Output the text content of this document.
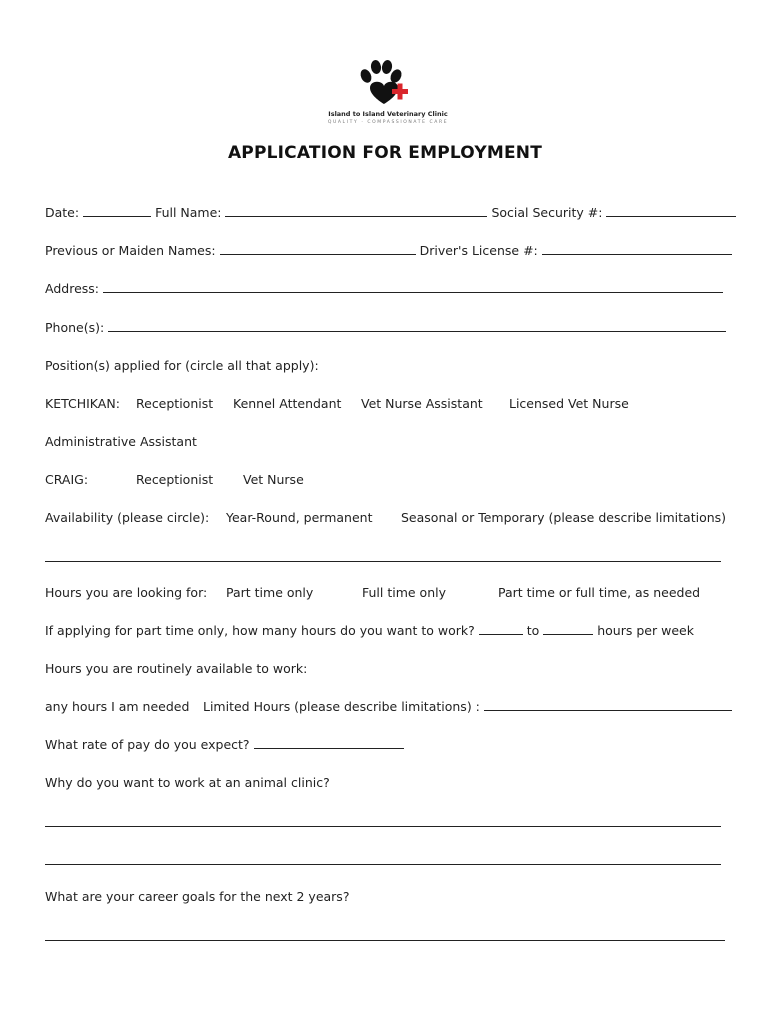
Island to Island Veterinary Clinic
QUALITY · COMPASSIONATE CARE
APPLICATION FOR EMPLOYMENT
Date:	Full Name:	Social Security #:
Previous or Maiden Names:	Driver's License #:
Address:
Phone(s):
Position(s) applied for (circle all that apply):
KETCHIKAN: Receptionist Kennel Attendant Vet Nurse Assistant Licensed Vet Nurse
Administrative Assistant
CRAIG:	Receptionist Vet Nurse
Availability (please circle): Year-Round, permanent Seasonal or Temporary (please describe limitations)
Hours you are looking for: Part time only	Full time only	Part time or full time, as needed
If applying for part time only, how many hours do you want to work?	to	hours per week
Hours you are routinely available to work:
any hours I am needed Limited Hours (please describe limitations) :
What rate of pay do you expect?
Why do you want to work at an animal clinic?
What are your career goals for the next 2 years?
